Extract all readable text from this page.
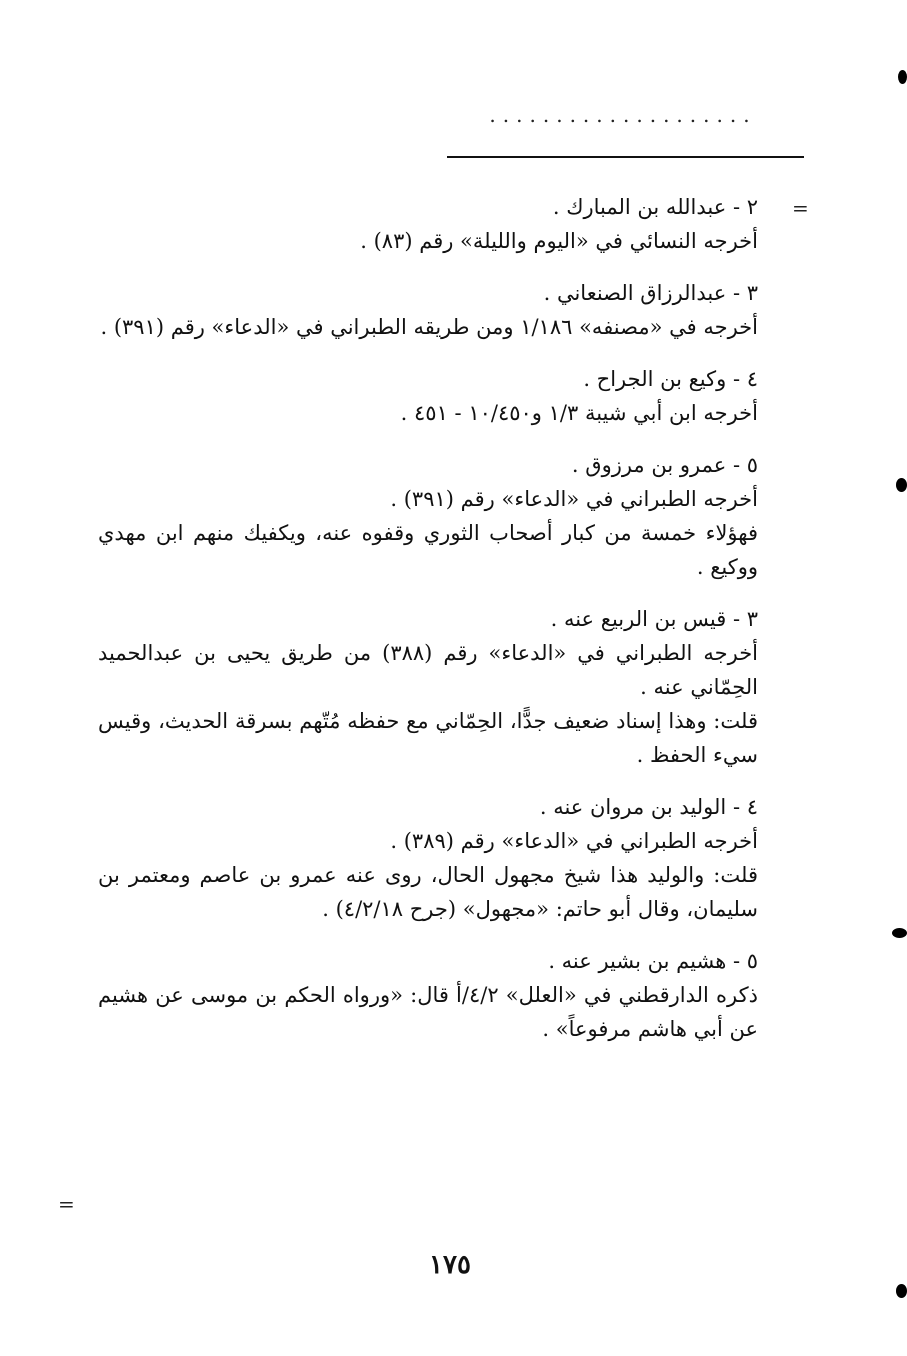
....................
=
=
٢ - عبدالله بن المبارك .
أخرجه النسائي في «اليوم والليلة» رقم (٨٣) .
٣ - عبدالرزاق الصنعاني .
أخرجه في «مصنفه» ١/١٨٦ ومن طريقه الطبراني في «الدعاء» رقم (٣٩١) .
٤ - وكيع بن الجراح .
أخرجه ابن أبي شيبة ١/٣ و١٠/٤٥٠ - ٤٥١ .
٥ - عمرو بن مرزوق .
أخرجه الطبراني في «الدعاء» رقم (٣٩١) .
فهؤلاء خمسة من كبار أصحاب الثوري وقفوه عنه، ويكفيك منهم ابن مهدي ووكيع .
٣ - قيس بن الربيع عنه .
أخرجه الطبراني في «الدعاء» رقم (٣٨٨) من طريق يحيى بن عبدالحميد الحِمّاني عنه .
قلت: وهذا إسناد ضعيف جدًّا، الحِمّاني مع حفظه مُتّهم بسرقة الحديث، وقيس سيء الحفظ .
٤ - الوليد بن مروان عنه .
أخرجه الطبراني في «الدعاء» رقم (٣٨٩) .
قلت: والوليد هذا شيخ مجهول الحال، روى عنه عمرو بن عاصم ومعتمر بن سليمان، وقال أبو حاتم: «مجهول» (جرح ٤/٢/١٨) .
٥ - هشيم بن بشير عنه .
ذكره الدارقطني في «العلل» ٤/٢/أ قال: «ورواه الحكم بن موسى عن هشيم عن أبي هاشم مرفوعاً» .
١٧٥
